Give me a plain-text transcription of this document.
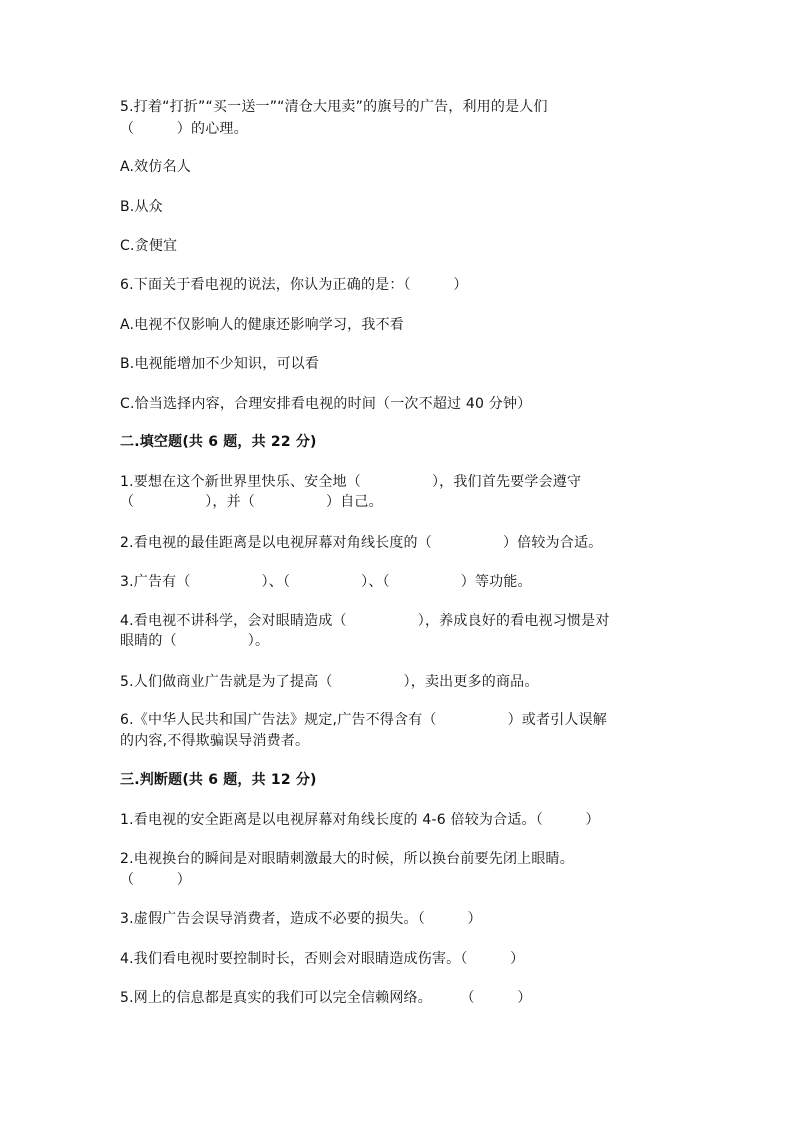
5.打着“打折”“买一送一”“清仓大甩卖”的旗号的广告，利用的是人们

（　　　）的心理。

A.效仿名人

B.从众

C.贪便宜

6.下面关于看电视的说法，你认为正确的是：（　　　）

A.电视不仅影响人的健康还影响学习，我不看

B.电视能增加不少知识，可以看

C.恰当选择内容，合理安排看电视的时间（一次不超过 40 分钟）

二.填空题(共 6 题，共 22 分)

1.要想在这个新世界里快乐、安全地（　　　　　），我们首先要学会遵守

（　　　　　），并（　　　　　）自己。

2.看电视的最佳距离是以电视屏幕对角线长度的（　　　　　）倍较为合适。

3.广告有（　　　　　）、（　　　　　）、（　　　　　）等功能。

4.看电视不讲科学，会对眼睛造成（　　　　　），养成良好的看电视习惯是对

眼睛的（　　　　　）。

5.人们做商业广告就是为了提高（　　　　　），卖出更多的商品。

6.《中华人民共和国广告法》规定,广告不得含有（　　　　　）或者引人误解

的内容,不得欺骗误导消费者。

三.判断题(共 6 题，共 12 分)

1.看电视的安全距离是以电视屏幕对角线长度的 4-6 倍较为合适。（　　　）

2.电视换台的瞬间是对眼睛刺激最大的时候，所以换台前要先闭上眼睛。

（　　　）

3.虚假广告会误导消费者，造成不必要的损失。（　　　）

4.我们看电视时要控制时长，否则会对眼睛造成伤害。（　　　）

5.网上的信息都是真实的我们可以完全信赖网络。　　　（　　　）
